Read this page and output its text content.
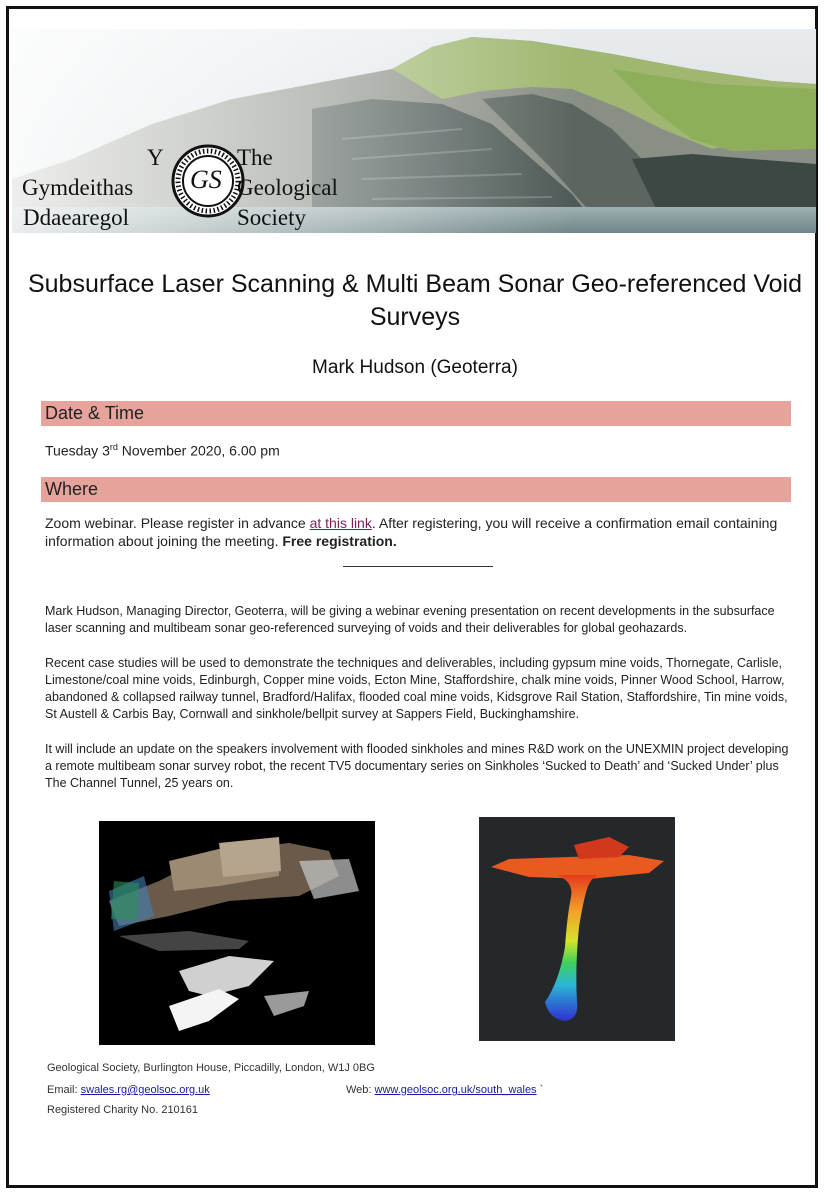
Y
Gymdeithas
Ddaearegol
The
Geological
Society
GS
Subsurface Laser Scanning & Multi Beam Sonar Geo-referenced Void Surveys
Mark Hudson (Geoterra)
Date & Time
Tuesday 3rd November 2020, 6.00 pm
Where
Zoom webinar. Please register in advance at this link. After registering, you will receive a confirmation email containing information about joining the meeting. Free registration.
Mark Hudson, Managing Director, Geoterra, will be giving a webinar evening presentation on recent developments in the subsurface laser scanning and multibeam sonar geo-referenced surveying of voids and their deliverables for global geohazards.
Recent case studies will be used to demonstrate the techniques and deliverables, including gypsum mine voids, Thornegate, Carlisle, Limestone/coal mine voids, Edinburgh, Copper mine voids, Ecton Mine, Staffordshire, chalk mine voids, Pinner Wood School, Harrow, abandoned & collapsed railway tunnel, Bradford/Halifax, flooded coal mine voids, Kidsgrove Rail Station, Staffordshire, Tin mine voids, St Austell & Carbis Bay, Cornwall and sinkhole/bellpit survey at Sappers Field, Buckinghamshire.
It will include an update on the speakers involvement with flooded sinkholes and mines R&D work on the UNEXMIN project developing a remote multibeam sonar survey robot, the recent TV5 documentary series on Sinkholes ‘Sucked to Death’ and ‘Sucked Under’ plus The Channel Tunnel, 25 years on.
Geological Society, Burlington House, Piccadilly, London, W1J 0BG
Email: swales.rg@geolsoc.org.uk	Web: www.geolsoc.org.uk/south_wales `
Registered Charity No. 210161
